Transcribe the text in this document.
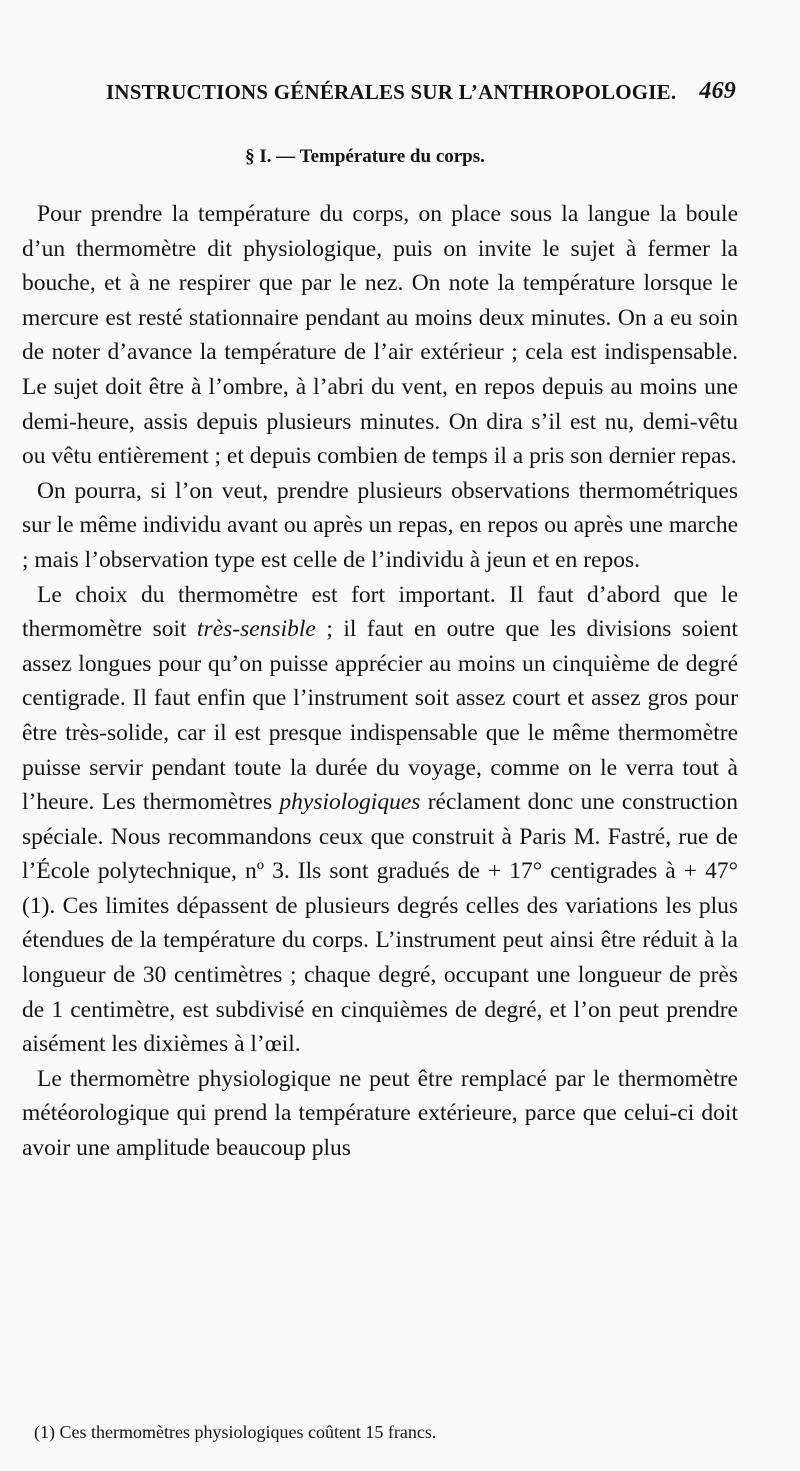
INSTRUCTIONS GÉNÉRALES SUR L’ANTHROPOLOGIE. 469
§ I. — Température du corps.

Pour prendre la température du corps, on place sous la langue la boule d’un thermomètre dit physiologique, puis on invite le sujet à fermer la bouche, et à ne respirer que par le nez. On note la température lorsque le mercure est resté stationnaire pendant au moins deux minutes. On a eu soin de noter d’avance la température de l’air extérieur ; cela est indispensable. Le sujet doit être à l’ombre, à l’abri du vent, en repos depuis au moins une demi-heure, assis depuis plusieurs minutes. On dira s’il est nu, demi-vêtu ou vêtu entièrement ; et depuis combien de temps il a pris son dernier repas.

On pourra, si l’on veut, prendre plusieurs observations thermométriques sur le même individu avant ou après un repas, en repos ou après une marche ; mais l’observation type est celle de l’individu à jeun et en repos.

Le choix du thermomètre est fort important. Il faut d’abord que le thermomètre soit très-sensible ; il faut en outre que les divisions soient assez longues pour qu’on puisse apprécier au moins un cinquième de degré centigrade. Il faut enfin que l’instrument soit assez court et assez gros pour être très-solide, car il est presque indispensable que le même thermomètre puisse servir pendant toute la durée du voyage, comme on le verra tout à l’heure. Les thermomètres physiologiques réclament donc une construction spéciale. Nous recommandons ceux que construit à Paris M. Fastré, rue de l’École polytechnique, nº 3. Ils sont gradués de + 17° centigrades à + 47° (1). Ces limites dépassent de plusieurs degrés celles des variations les plus étendues de la température du corps. L’instrument peut ainsi être réduit à la longueur de 30 centimètres ; chaque degré, occupant une longueur de près de 1 centimètre, est subdivisé en cinquièmes de degré, et l’on peut prendre aisément les dixièmes à l’œil.

Le thermomètre physiologique ne peut être remplacé par le thermomètre météorologique qui prend la température extérieure, parce que celui-ci doit avoir une amplitude beaucoup plus

(1) Ces thermomètres physiologiques coûtent 15 francs.
